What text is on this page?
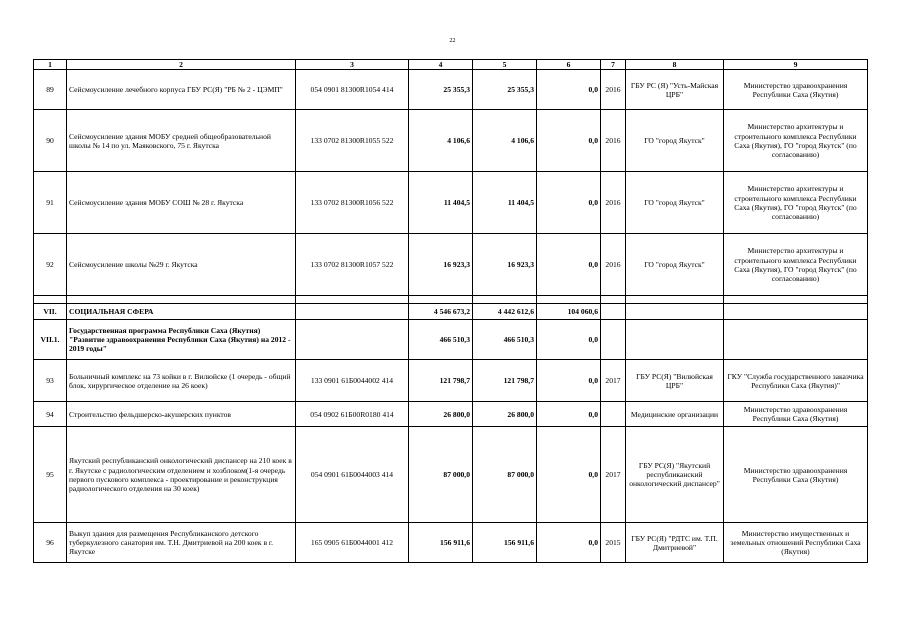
22
1	2	3	4	5	6	7	8	9
89	Сейсмоусиление лечебного корпуса ГБУ РС(Я) "РБ № 2 - ЦЭМП"	054 0901 81300R1054 414	25 355,3	25 355,3	0,0	2016	ГБУ РС (Я) "Усть-Майская ЦРБ"	Министерство здравоохранения Республики Саха (Якутия)
90	Сейсмоусиление здания МОБУ средней общеобразовательной школы № 14 по ул. Маяковского, 75 г. Якутска	133 0702 81300R1055 522	4 106,6	4 106,6	0,0	2016	ГО "город Якутск"	Министерство архитектуры и строительного комплекса Республики Саха (Якутия), ГО "город Якутск" (по согласованию)
91	Сейсмоусиление здания МОБУ СОШ № 28 г. Якутска	133 0702 81300R1056 522	11 404,5	11 404,5	0,0	2016	ГО "город Якутск"	Министерство архитектуры и строительного комплекса Республики Саха (Якутия), ГО "город Якутск" (по согласованию)
92	Сейсмоусиление школы №29 г. Якутска	133 0702 81300R1057 522	16 923,3	16 923,3	0,0	2016	ГО "город Якутск"	Министерство архитектуры и строительного комплекса Республики Саха (Якутия), ГО "город Якутск" (по согласованию)

VII.	СОЦИАЛЬНАЯ СФЕРА		4 546 673,2	4 442 612,6	104 060,6			
VII.1.	Государственная программа Республики Саха (Якутия) "Развитие здравоохранения Республики Саха (Якутия) на 2012 - 2019 годы"		466 510,3	466 510,3	0,0			
93	Больничный комплекс на 73 койки в г. Вилюйске (1 очередь - общий блок, хирургическое отделение на 26 коек)	133 0901 61Б0044002 414	121 798,7	121 798,7	0,0	2017	ГБУ РС(Я) "Вилюйская ЦРБ"	ГКУ "Служба государственного заказчика Республики Саха (Якутия)"
94	Строительство фельдшерско-акушерских пунктов	054 0902 61Б00R0180 414	26 800,0	26 800,0	0,0		Медицинские организации	Министерство здравоохранения Республики Саха (Якутия)
95	Якутский республиканский онкологический диспансер на 210 коек в г. Якутске с радиологическим отделением и хозблоком(1-я очередь первого пускового комплекса - проектирование и реконструкция радиологического отделения на 30 коек)	054 0901 61Б0044003 414	87 000,0	87 000,0	0,0	2017	ГБУ РС(Я) "Якутский республиканский онкологический диспансер"	Министерство здравоохранения Республики Саха (Якутия)
96	Выкуп здания для размещения Республиканского детского туберкулезного санатория им. Т.Н. Дмитриевой на 200 коек в г. Якутске	165 0905 61Б0044001 412	156 911,6	156 911,6	0,0	2015	ГБУ РС(Я) "РДТС им. Т.П. Дмитриевой"	Министерство имущественных и земельных отношений Республики Саха (Якутия)
